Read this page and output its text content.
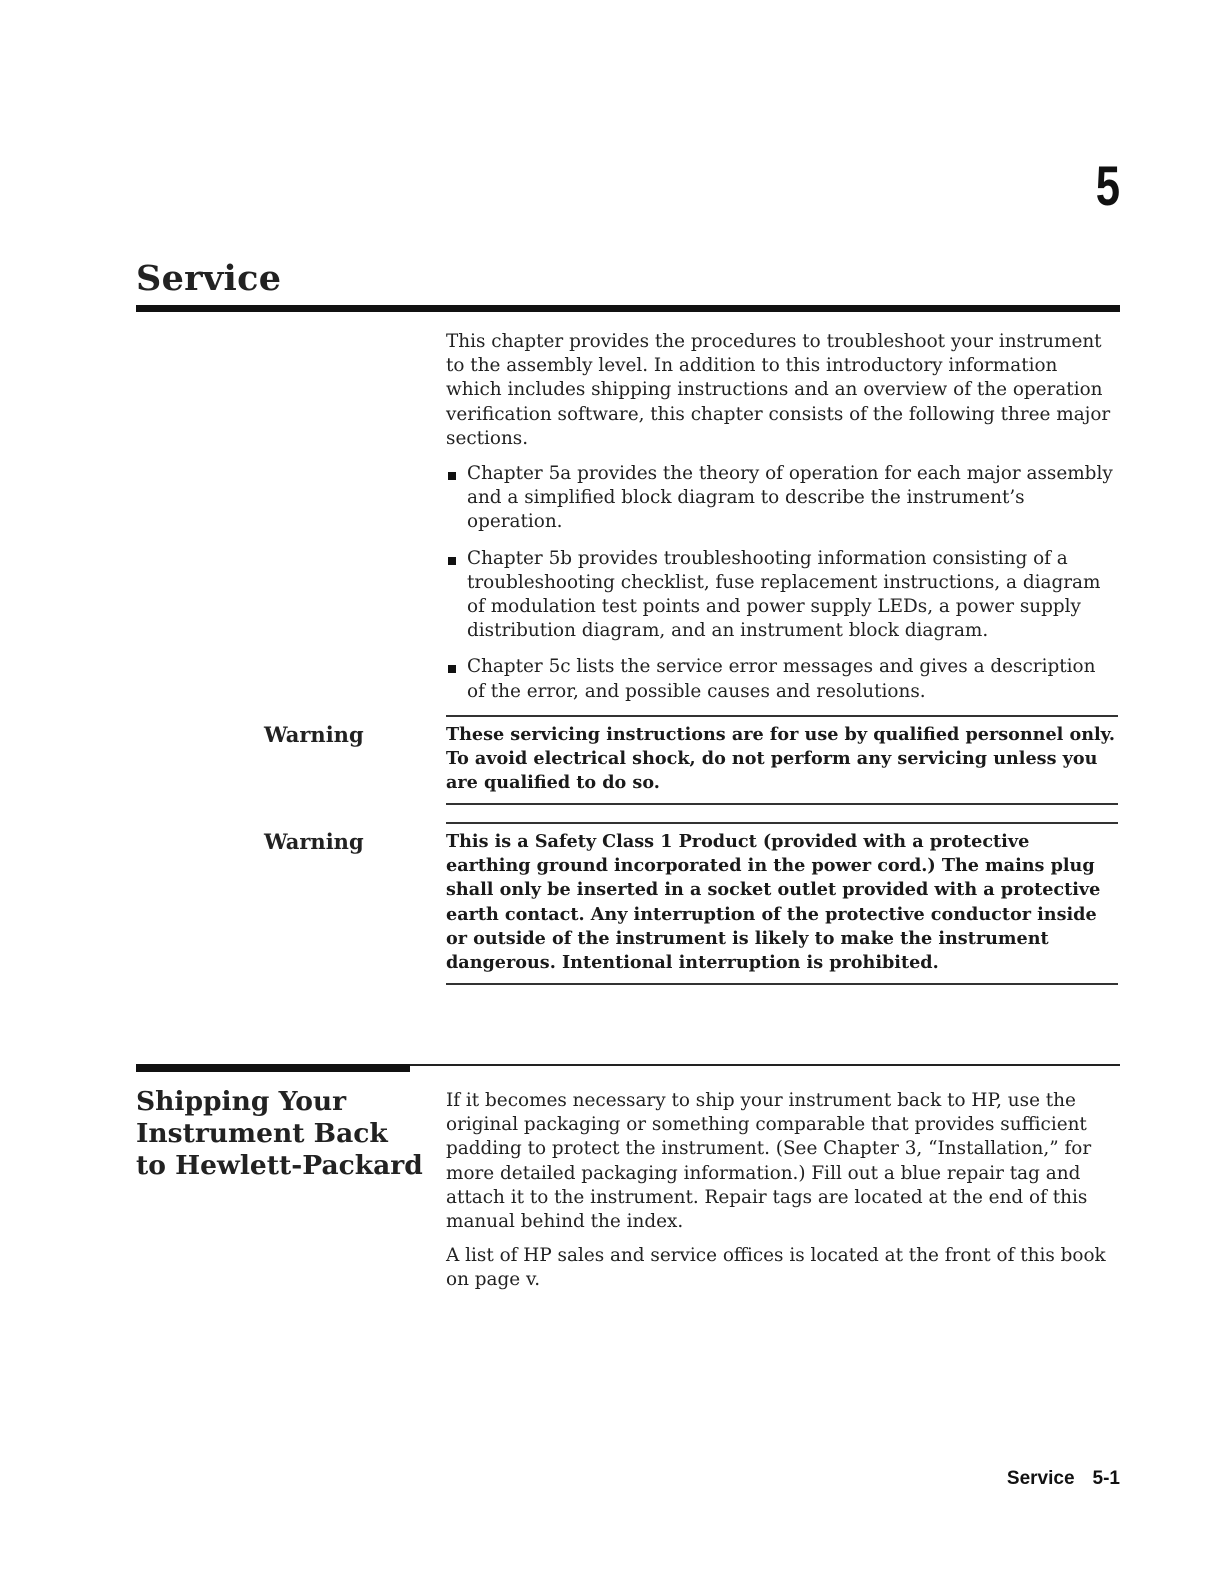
5
Service

This chapter provides the procedures to troubleshoot your instrument to the assembly level. In addition to this introductory information which includes shipping instructions and an overview of the operation verification software, this chapter consists of the following three major sections.

Chapter 5a provides the theory of operation for each major assembly and a simplified block diagram to describe the instrument’s operation.
Chapter 5b provides troubleshooting information consisting of a troubleshooting checklist, fuse replacement instructions, a diagram of modulation test points and power supply LEDs, a power supply distribution diagram, and an instrument block diagram.
Chapter 5c lists the service error messages and gives a description of the error, and possible causes and resolutions.
Warning	These servicing instructions are for use by qualified personnel only. To avoid electrical shock, do not perform any servicing unless you are qualified to do so.

Warning	This is a Safety Class 1 Product (provided with a protective earthing ground incorporated in the power cord.) The mains plug shall only be inserted in a socket outlet provided with a protective earth contact. Any interruption of the protective conductor inside or outside of the instrument is likely to make the instrument dangerous. Intentional interruption is prohibited.

Shipping Your Instrument Back to Hewlett-Packard

If it becomes necessary to ship your instrument back to HP, use the original packaging or something comparable that provides sufficient padding to protect the instrument. (See Chapter 3, “Installation,” for more detailed packaging information.) Fill out a blue repair tag and attach it to the instrument. Repair tags are located at the end of this manual behind the index.

A list of HP sales and service offices is located at the front of this book on page v.

Service 5-1
